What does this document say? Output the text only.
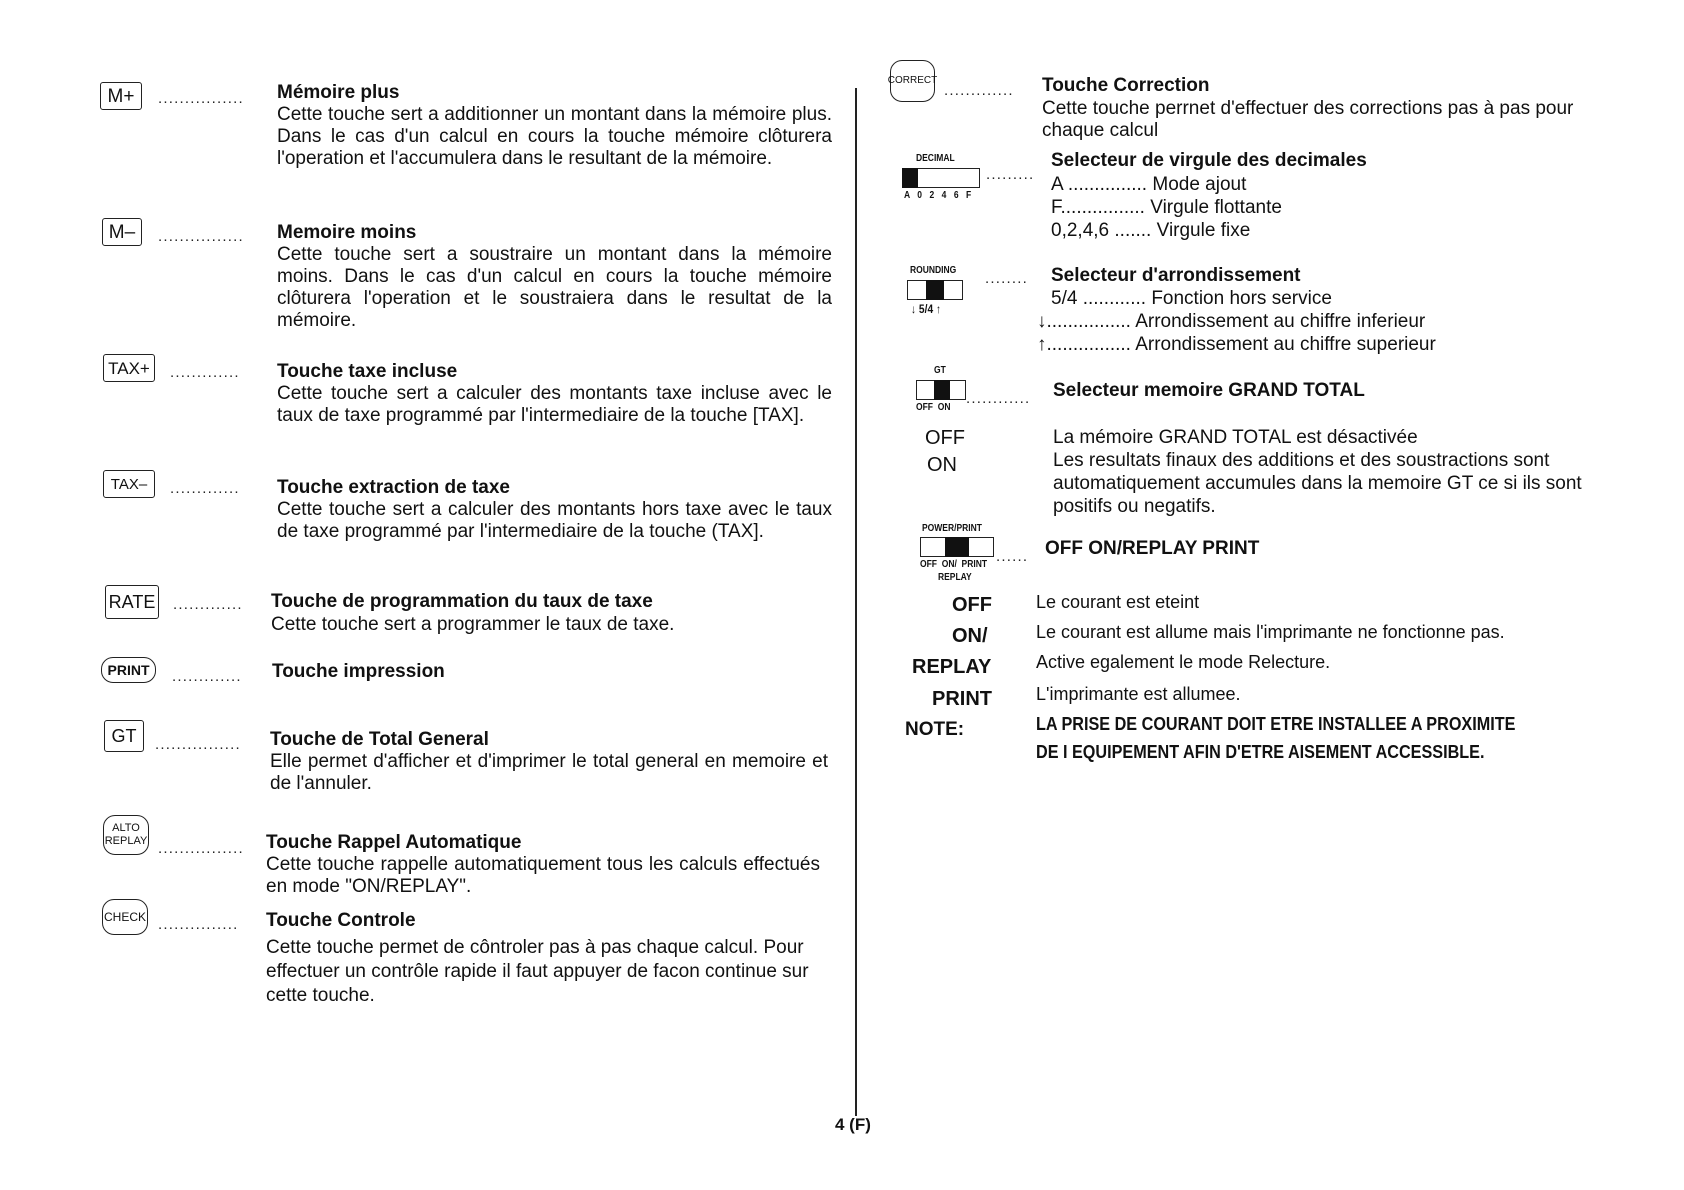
M+	................ Mémoire plus
Cette touche sert a additionner un montant dans la mémoire plus. Dans le cas d'un calcul en cours la touche mémoire clôturera l'operation et l'accumulera dans le resultant de la mémoire.
M–	................ Memoire moins
Cette touche sert a soustraire un montant dans la mémoire moins. Dans le cas d'un calcul en cours la touche mémoire clôturera l'operation et le soustraiera dans le resultat de la mémoire.
TAX+	............. Touche taxe incluse
Cette touche sert a calculer des montants taxe incluse avec le taux de taxe programmé par l'intermediaire de la touche [TAX].
TAX–	............. Touche extraction de taxe
Cette touche sert a calculer des montants hors taxe avec le taux de taxe programmé par l'intermediaire de la touche (TAX].
RATE ............. Touche de programmation du taux de taxe
Cette touche sert a programmer le taux de taxe.
PRINT	............. Touche impression
GT	................ Touche de Total General
Elle permet d'afficher et d'imprimer le total general en memoire et de l'annuler.
ALTO
REPLAY ................ Touche Rappel Automatique
Cette touche rappelle automatiquement tous les calculs effectués en mode "ON/REPLAY".
CHECK ............... Touche Controle
Cette touche permet de côntroler pas à pas chaque calcul. Pour effectuer un contrôle rapide il faut appuyer de facon continue sur cette touche.
CORRECT
............. Touche Correction
Cette touche perrnet d'effectuer des corrections pas à pas pour chaque calcul
DECIMAL
A 0 2 4 6 F
.........
Selecteur de virgule des decimales
A ............... Mode ajout
F................ Virgule flottante
0,2,4,6 ....... Virgule fixe
ROUNDING
↓ 5/4 ↑
........ Selecteur d'arrondissement
5/4 ............ Fonction hors service
↓................ Arrondissement au chiffre inferieur
↑................ Arrondissement au chiffre superieur
GT
OFF  ON
............ Selecteur memoire GRAND TOTAL
OFF	La mémoire GRAND TOTAL est désactivée
ON	Les resultats finaux des additions et des soustractions sont automatiquement accumules dans la memoire GT ce si ils sont positifs ou negatifs.
POWER/PRINT
OFF  ON/  PRINT
REPLAY
...... OFF ON/REPLAY PRINT
OFF Le courant est eteint
ON/	Le courant est allume mais l'imprimante ne fonctionne pas.
REPLAY Active egalement le mode Relecture.
PRINT L'imprimante est allumee.
NOTE:	LA PRISE DE COURANT DOIT ETRE INSTALLEE A PROXIMITE
DE I EQUIPEMENT AFIN D'ETRE AISEMENT ACCESSIBLE.
4 (F)
